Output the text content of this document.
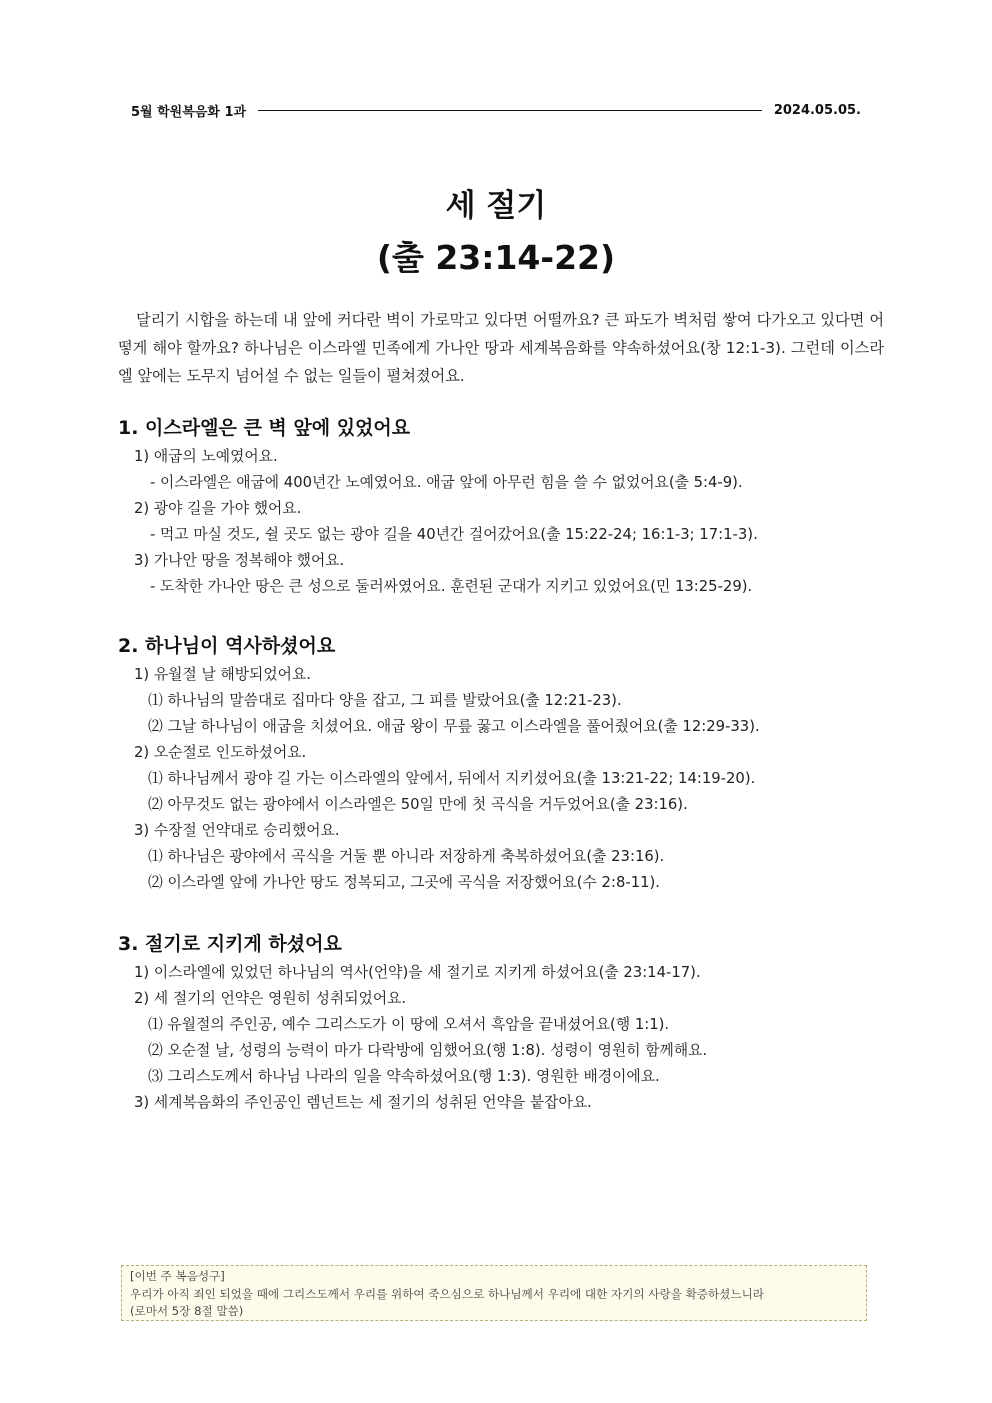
5월 학원복음화 1과	2024.05.05.
세 절기
(출 23:14-22)
달리기 시합을 하는데 내 앞에 커다란 벽이 가로막고 있다면 어떨까요? 큰 파도가 벽처럼 쌓여 다가오고 있다면 어떻게 해야 할까요? 하나님은 이스라엘 민족에게 가나안 땅과 세계복음화를 약속하셨어요(창 12:1-3). 그런데 이스라엘 앞에는 도무지 넘어설 수 없는 일들이 펼쳐졌어요.
1. 이스라엘은 큰 벽 앞에 있었어요
1) 애굽의 노예였어요.
- 이스라엘은 애굽에 400년간 노예였어요. 애굽 앞에 아무런 힘을 쓸 수 없었어요(출 5:4-9).
2) 광야 길을 가야 했어요.
- 먹고 마실 것도, 쉴 곳도 없는 광야 길을 40년간 걸어갔어요(출 15:22-24; 16:1-3; 17:1-3).
3) 가나안 땅을 정복해야 했어요.
- 도착한 가나안 땅은 큰 성으로 둘러싸였어요. 훈련된 군대가 지키고 있었어요(민 13:25-29).
2. 하나님이 역사하셨어요
1) 유월절 날 해방되었어요.
⑴ 하나님의 말씀대로 집마다 양을 잡고, 그 피를 발랐어요(출 12:21-23).
⑵ 그날 하나님이 애굽을 치셨어요. 애굽 왕이 무릎 꿇고 이스라엘을 풀어줬어요(출 12:29-33).
2) 오순절로 인도하셨어요.
⑴ 하나님께서 광야 길 가는 이스라엘의 앞에서, 뒤에서 지키셨어요(출 13:21-22; 14:19-20).
⑵ 아무것도 없는 광야에서 이스라엘은 50일 만에 첫 곡식을 거두었어요(출 23:16).
3) 수장절 언약대로 승리했어요.
⑴ 하나님은 광야에서 곡식을 거둘 뿐 아니라 저장하게 축복하셨어요(출 23:16).
⑵ 이스라엘 앞에 가나안 땅도 정복되고, 그곳에 곡식을 저장했어요(수 2:8-11).
3. 절기로 지키게 하셨어요
1) 이스라엘에 있었던 하나님의 역사(언약)을 세 절기로 지키게 하셨어요(출 23:14-17).
2) 세 절기의 언약은 영원히 성취되었어요.
⑴ 유월절의 주인공, 예수 그리스도가 이 땅에 오셔서 흑암을 끝내셨어요(행 1:1).
⑵ 오순절 날, 성령의 능력이 마가 다락방에 임했어요(행 1:8). 성령이 영원히 함께해요.
⑶ 그리스도께서 하나님 나라의 일을 약속하셨어요(행 1:3). 영원한 배경이에요.
3) 세계복음화의 주인공인 렘넌트는 세 절기의 성취된 언약을 붙잡아요.
[이번 주 복음성구]
우리가 아직 죄인 되었을 때에 그리스도께서 우리를 위하여 죽으심으로 하나님께서 우리에 대한 자기의 사랑을 확증하셨느니라
(로마서 5장 8절 말씀)
